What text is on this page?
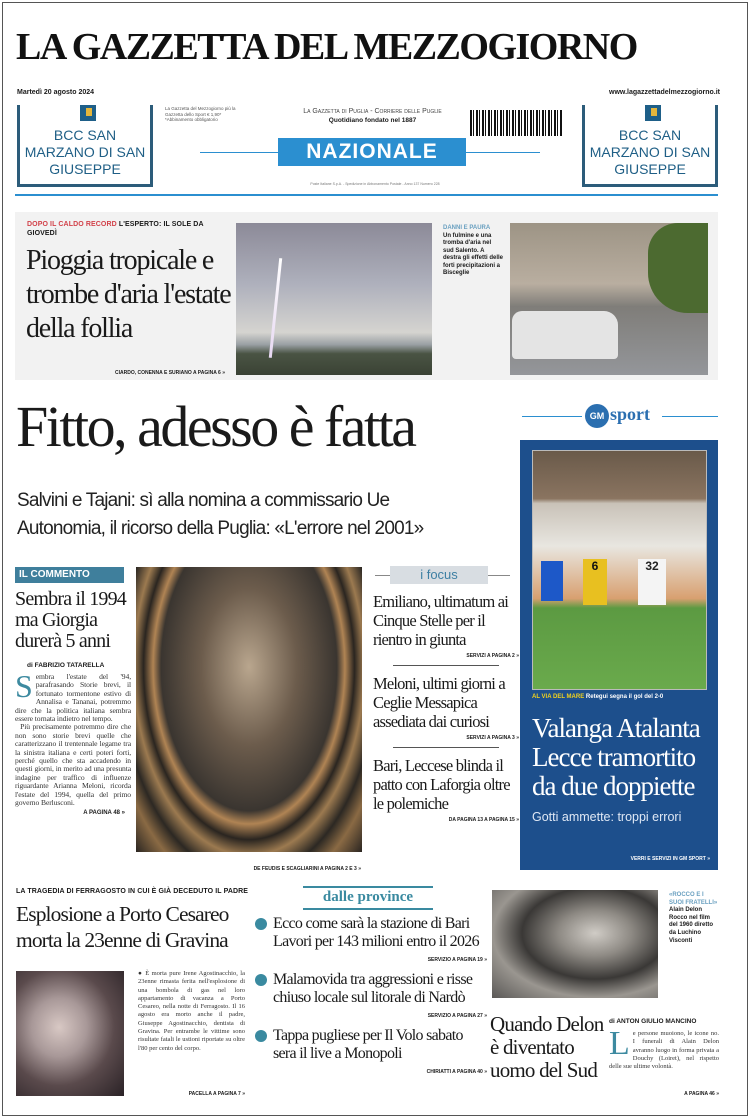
LA GAZZETTA DEL MEZZOGIORNO
Martedì 20 agosto 2024	www.lagazzettadelmezzogiorno.it
BCC SAN MARZANO DI SAN GIUSEPPE
BCC SAN MARZANO DI SAN GIUSEPPE
La Gazzetta del Mezzogiorno più la Gazzetta dello Sport € 1,90* *Abbinamento obbligatorio
La Gazzetta di Puglia - Corriere delle Puglie
Quotidiano fondato nel 1887
NAZIONALE
Poste Italiane S.p.A. - Spedizione in Abbonamento Postale - Anno 137 Numero 228
DOPO IL CALDO RECORD L'ESPERTO: IL SOLE DA GIOVEDÌ
Pioggia tropicale e trombe d'aria l'estate della follia
CIARDO, CONENNA E SURIANO A PAGINA 6 »
DANNI E PAURA
Un fulmine e una tromba d'aria nel sud Salento. A destra gli effetti delle forti precipitazioni a Bisceglie
Fitto, adesso è fatta
Salvini e Tajani: sì alla nomina a commissario Ue
Autonomia, il ricorso della Puglia: «L'errore nel 2001»
GM sport
6	32
AL VIA DEL MARE Retegui segna il gol del 2-0
Valanga Atalanta Lecce tramortito da due doppiette
Gotti ammette: troppi errori
VERRI E SERVIZI IN GM SPORT »
IL COMMENTO
Sembra il 1994 ma Giorgia durerà 5 anni
di FABRIZIO TATARELLA
Sembra l'estate del '94, parafrasando Storie brevi, il fortunato tormentone estivo di Annalisa e Tananai, potremmo dire che la politica italiana sembra essere tornata indietro nel tempo.
Più precisamente potremmo dire che non sono storie brevi quelle che caratterizzano il trentennale legame tra la sinistra italiana e certi poteri forti, perché quello che sta accadendo in questi giorni, in merito ad una presunta indagine per traffico di influenze riguardante Arianna Meloni, ricorda l'estate del 1994, quella del primo governo Berlusconi.
A PAGINA 48 »
DE FEUDIS E SCAGLIARINI A PAGINA 2 E 3 »
i focus
Emiliano, ultimatum ai Cinque Stelle per il rientro in giunta
SERVIZI A PAGINA 2 »
Meloni, ultimi giorni a Ceglie Messapica assediata dai curiosi
SERVIZI A PAGINA 3 »
Bari, Leccese blinda il patto con Laforgia oltre le polemiche
DA PAGINA 13 A PAGINA 15 »
LA TRAGEDIA DI FERRAGOSTO IN CUI È GIÀ DECEDUTO IL PADRE
Esplosione a Porto Cesareo morta la 23enne di Gravina
● È morta pure Irene Agostinacchio, la 23enne rimasta ferita nell'esplosione di una bombola di gas nel loro appartamento di vacanza a Porto Cesareo, nella notte di Ferragosto. Il 16 agosto era morto anche il padre, Giuseppe Agostinacchio, dentista di Gravina. Per entrambe le vittime sono risultate fatali le ustioni riportate su oltre l'80 per cento del corpo.
PACELLA A PAGINA 7 »
dalle province
Ecco come sarà la stazione di Bari Lavori per 143 milioni entro il 2026
SERVIZIO A PAGINA 19 »
Malamovida tra aggressioni e risse chiuso locale sul litorale di Nardò
SERVIZIO A PAGINA 27 »
Tappa pugliese per Il Volo sabato sera il live a Monopoli
CHIRIATTI A PAGINA 40 »
«ROCCO E I SUOI FRATELLI»
Alain Delon Rocco nel film del 1960 diretto da Luchino Visconti
Quando Delon è diventato uomo del Sud
di ANTON GIULIO MANCINO
Le persone muoiono, le icone no. I funerali di Alain Delon avranno luogo in forma privata a Douchy (Loiret), nel rispetto delle sue ultime volontà.
A PAGINA 46 »
